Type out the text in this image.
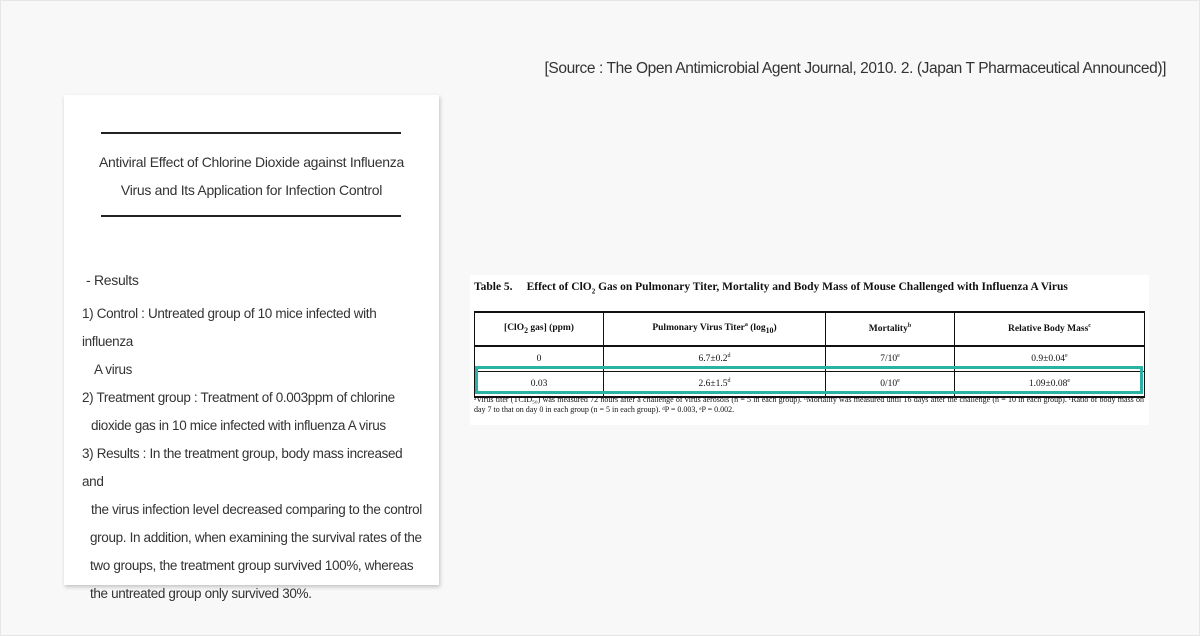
[Source : The Open Antimicrobial Agent Journal, 2010. 2. (Japan T Pharmaceutical Announced)]
Antiviral Effect of Chlorine Dioxide against Influenza
Virus and Its Application for Infection Control
- Results
1) Control : Untreated group of 10 mice infected with influenza
A virus
2) Treatment group : Treatment of 0.003ppm of chlorine
dioxide gas in 10 mice infected with influenza A virus
3) Results : In the treatment group, body mass increased and
the virus infection level decreased comparing to the control
group. In addition, when examining the survival rates of the
two groups, the treatment group survived 100%, whereas
the untreated group only survived 30%.
Table 5. Effect of ClO$_2$ Gas on Pulmonary Titer, Mortality and Body Mass of Mouse Challenged with Influenza A Virus
[ClO$_2$ gas] (ppm)	Pulmonary Virus Titer$^a$ $(\log_{10})$	Mortality$^b$	Relative Body Mass$^c$
0	6.7±0.2$^d$	7/10e	0.9±0.04$^e$
0.03	2.6±1.5$^d$	0/10e	1.09±0.08$^e$
ᵃVirus titer (TCID₅₀) was measured 72 hours after a challenge of virus aerosols (n = 5 in each group). ᵇMortality was measured until 16 days after the challenge (n = 10 in each group). ᶜRatio of body mass on day 7 to that on day 0 in each group (n = 5 in each group). ᵈP = 0.003, ᵉP = 0.002.
